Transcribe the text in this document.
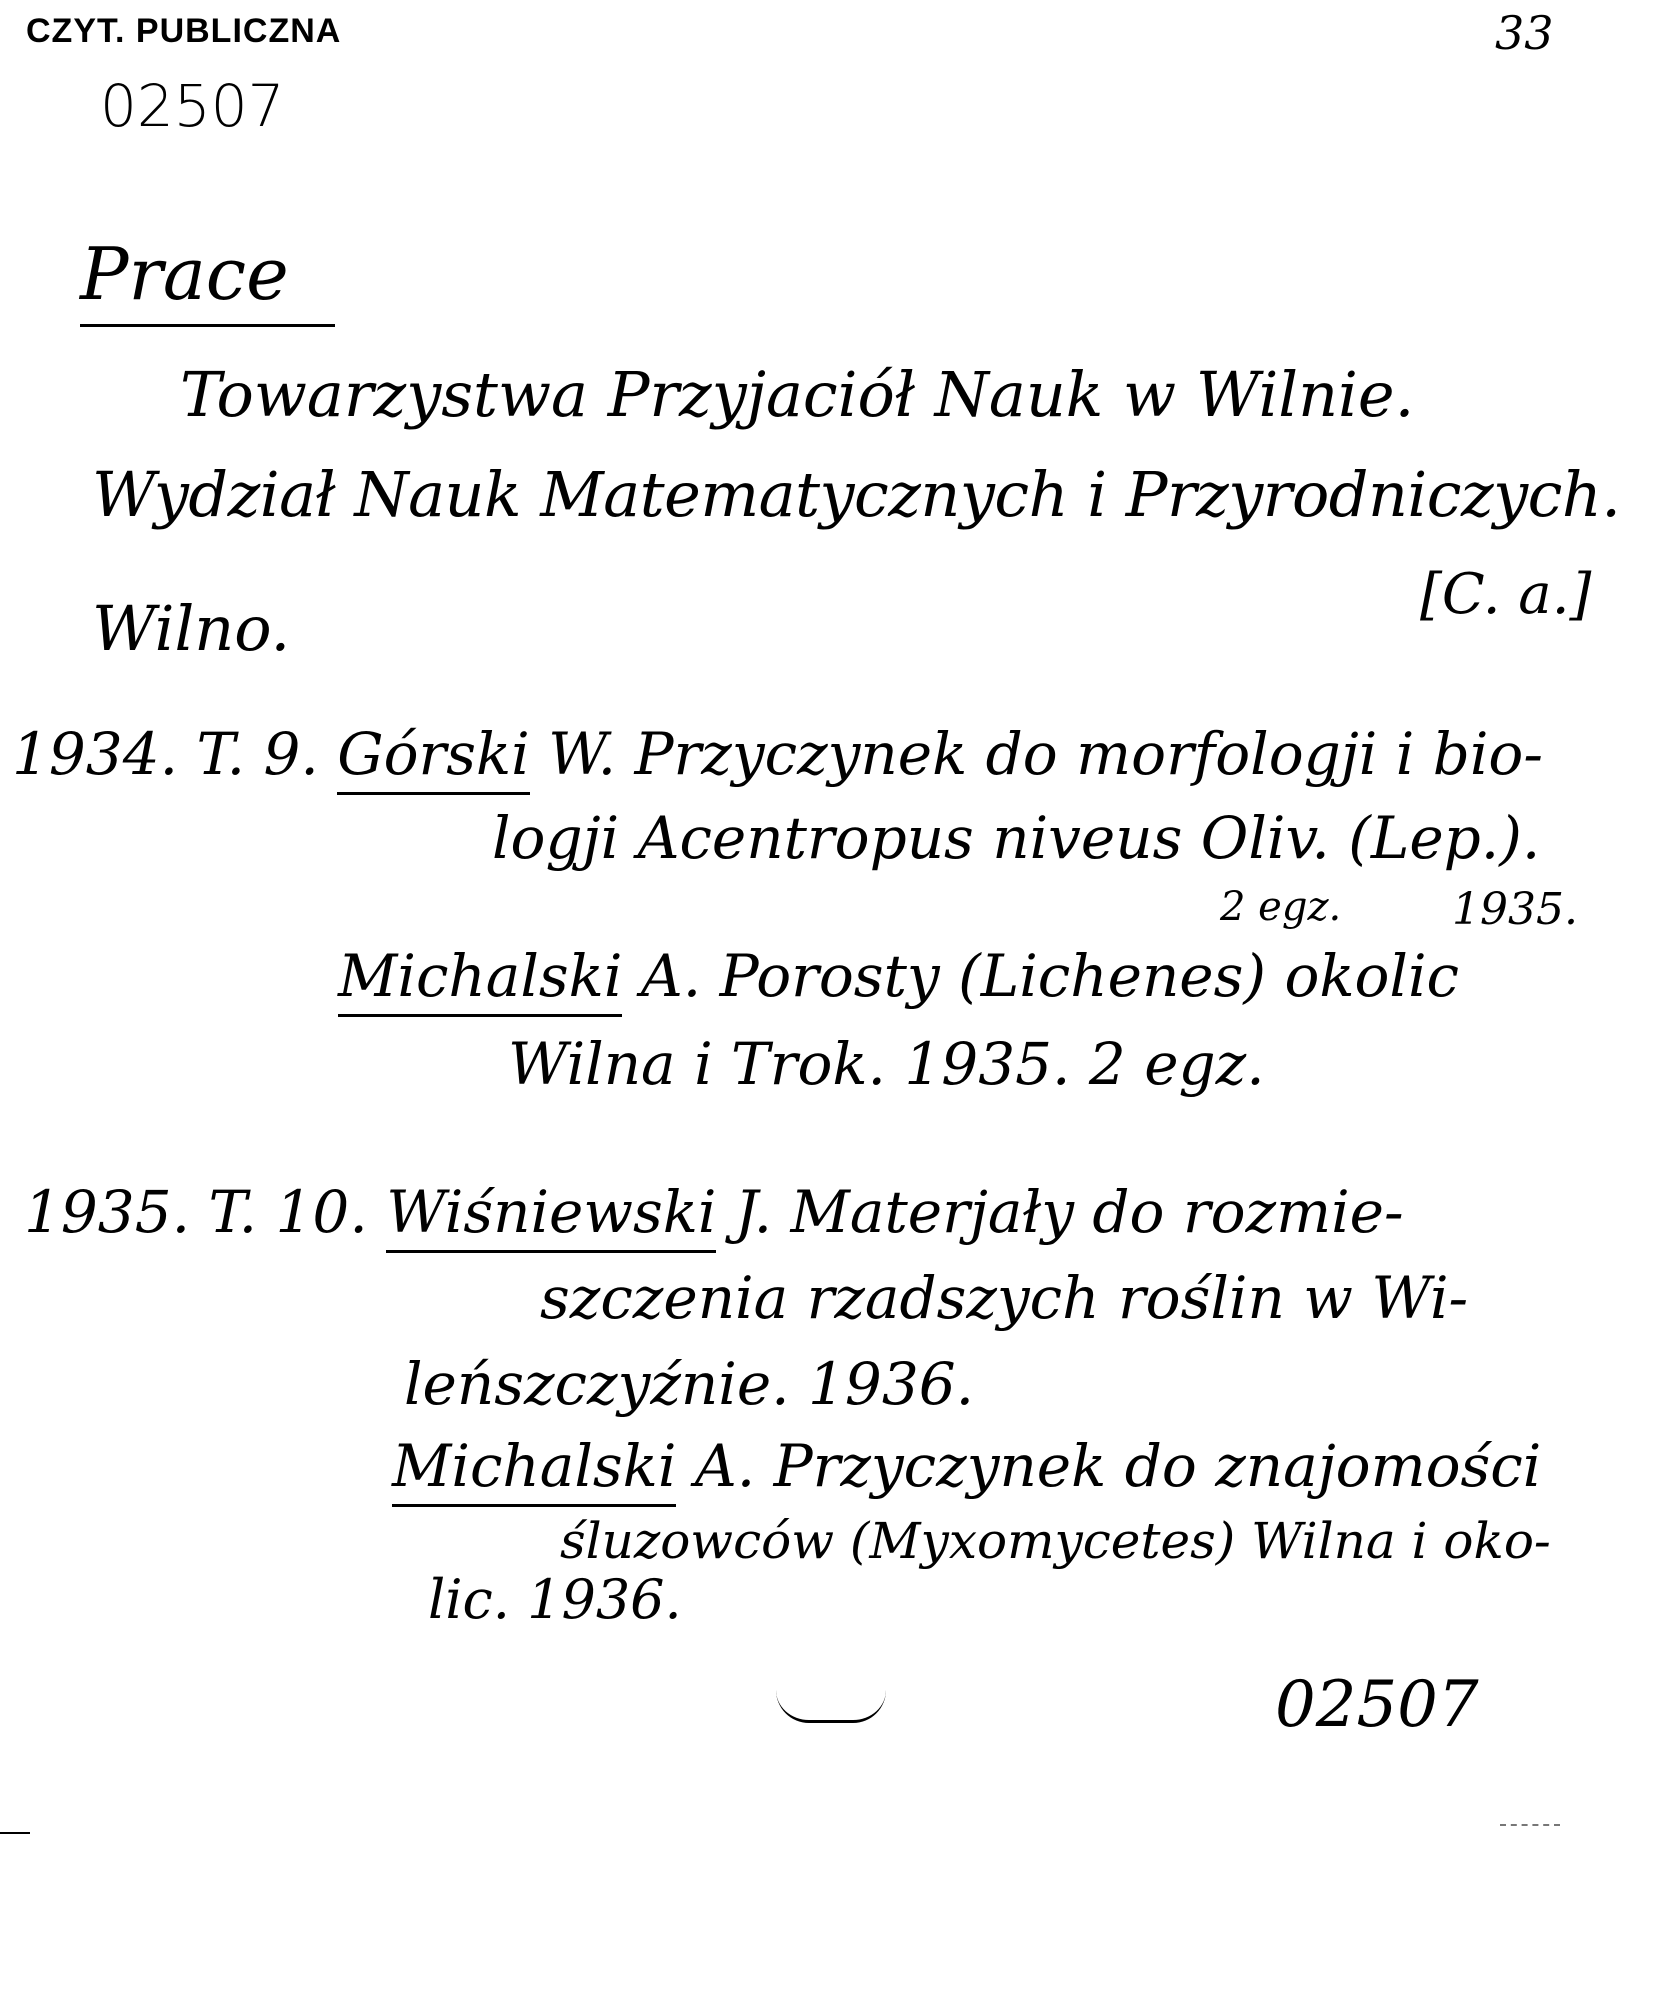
CZYT. PUBLICZNA	33
02507
Prace
Towarzystwa Przyjaciół Nauk w Wilnie.
Wydział Nauk Matematycznych i Przyrodniczych.
[C. a.]
Wilno.
1934. T. 9. Górski W. Przyczynek do morfologji i bio-
logji Acentropus niveus Oliv. (Lep.).
2 egz.	1935.
Michalski A. Porosty (Lichenes) okolic
Wilna i Trok. 1935. 2 egz.
1935. T. 10. Wiśniewski J. Materjały do rozmie-
szczenia rzadszych roślin w Wi-
leńszczyźnie. 1936.
Michalski A. Przyczynek do znajomości
śluzowców (Myxomycetes) Wilna i oko-
lic. 1936.
02507
